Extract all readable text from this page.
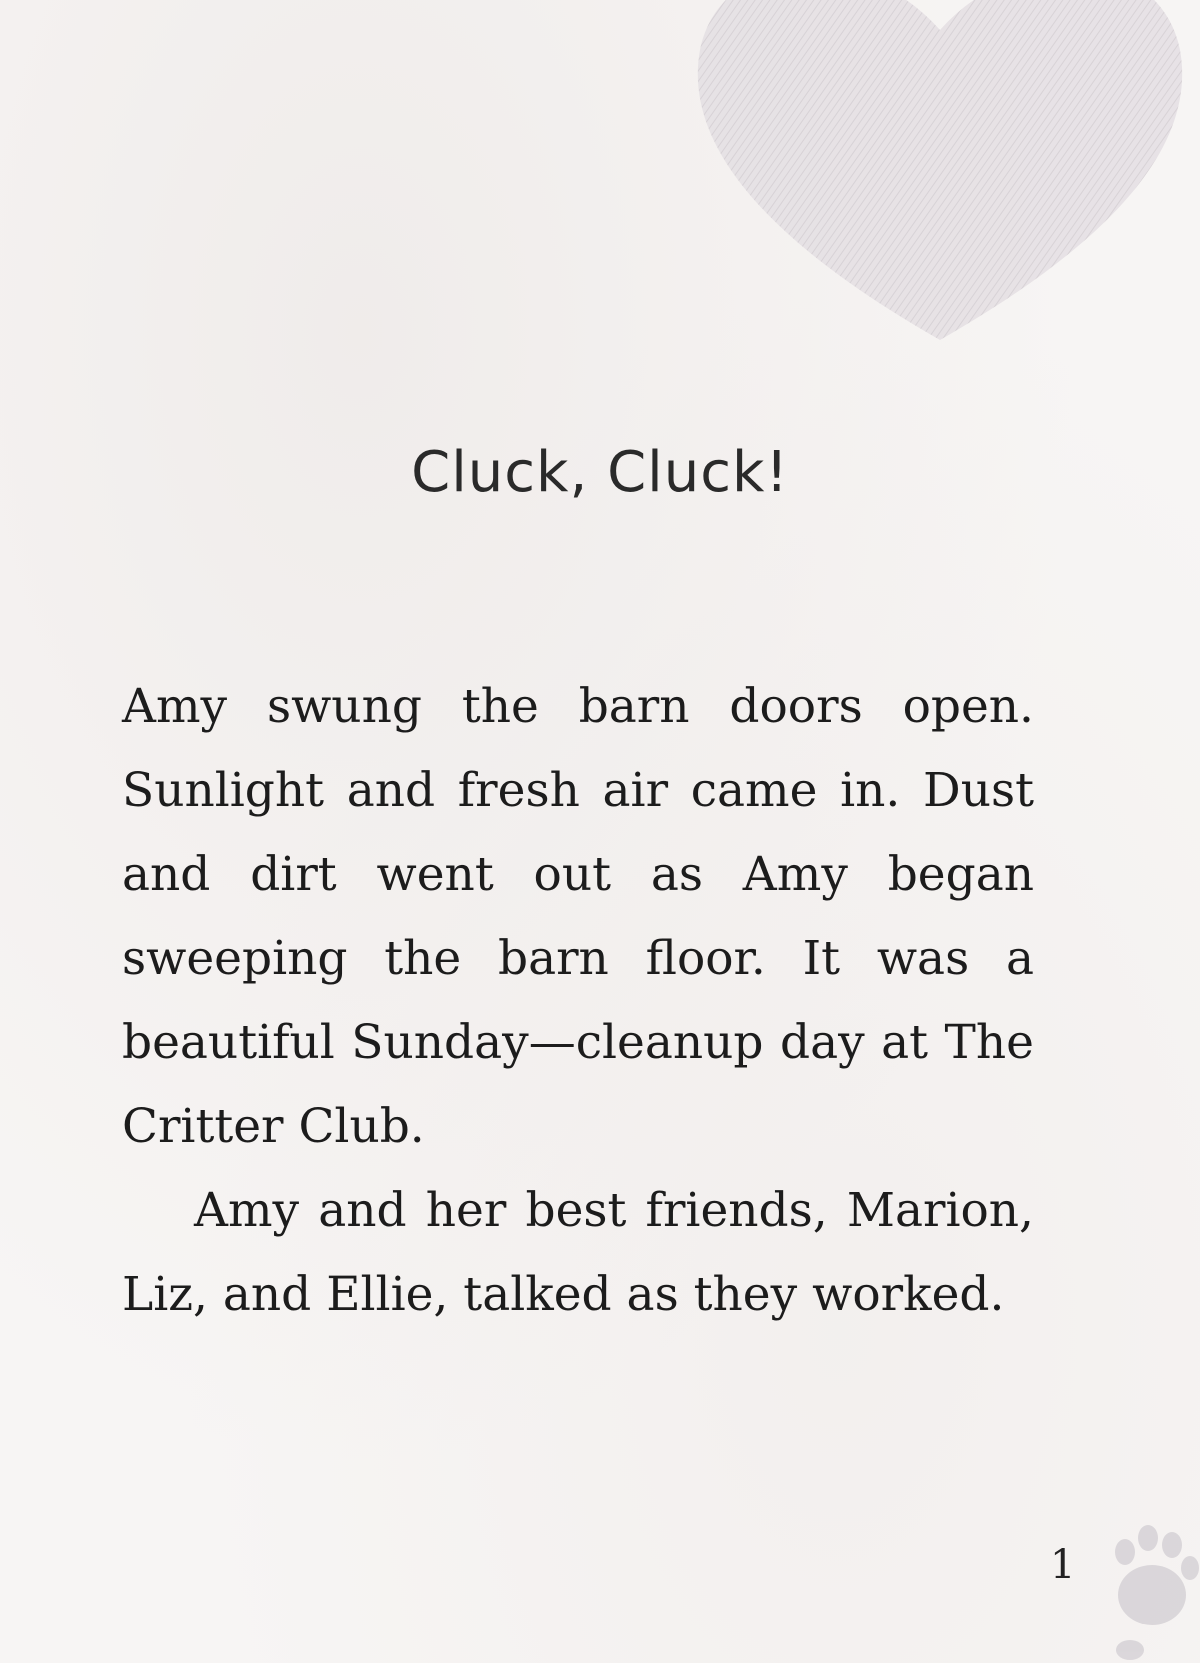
Cluck, Cluck!

Amy swung the barn doors open. Sunlight and fresh air came in. Dust and dirt went out as Amy began sweeping the barn floor. It was a beautiful Sunday—cleanup day at The Critter Club.

Amy and her best friends, Marion, Liz, and Ellie, talked as they worked.

1
